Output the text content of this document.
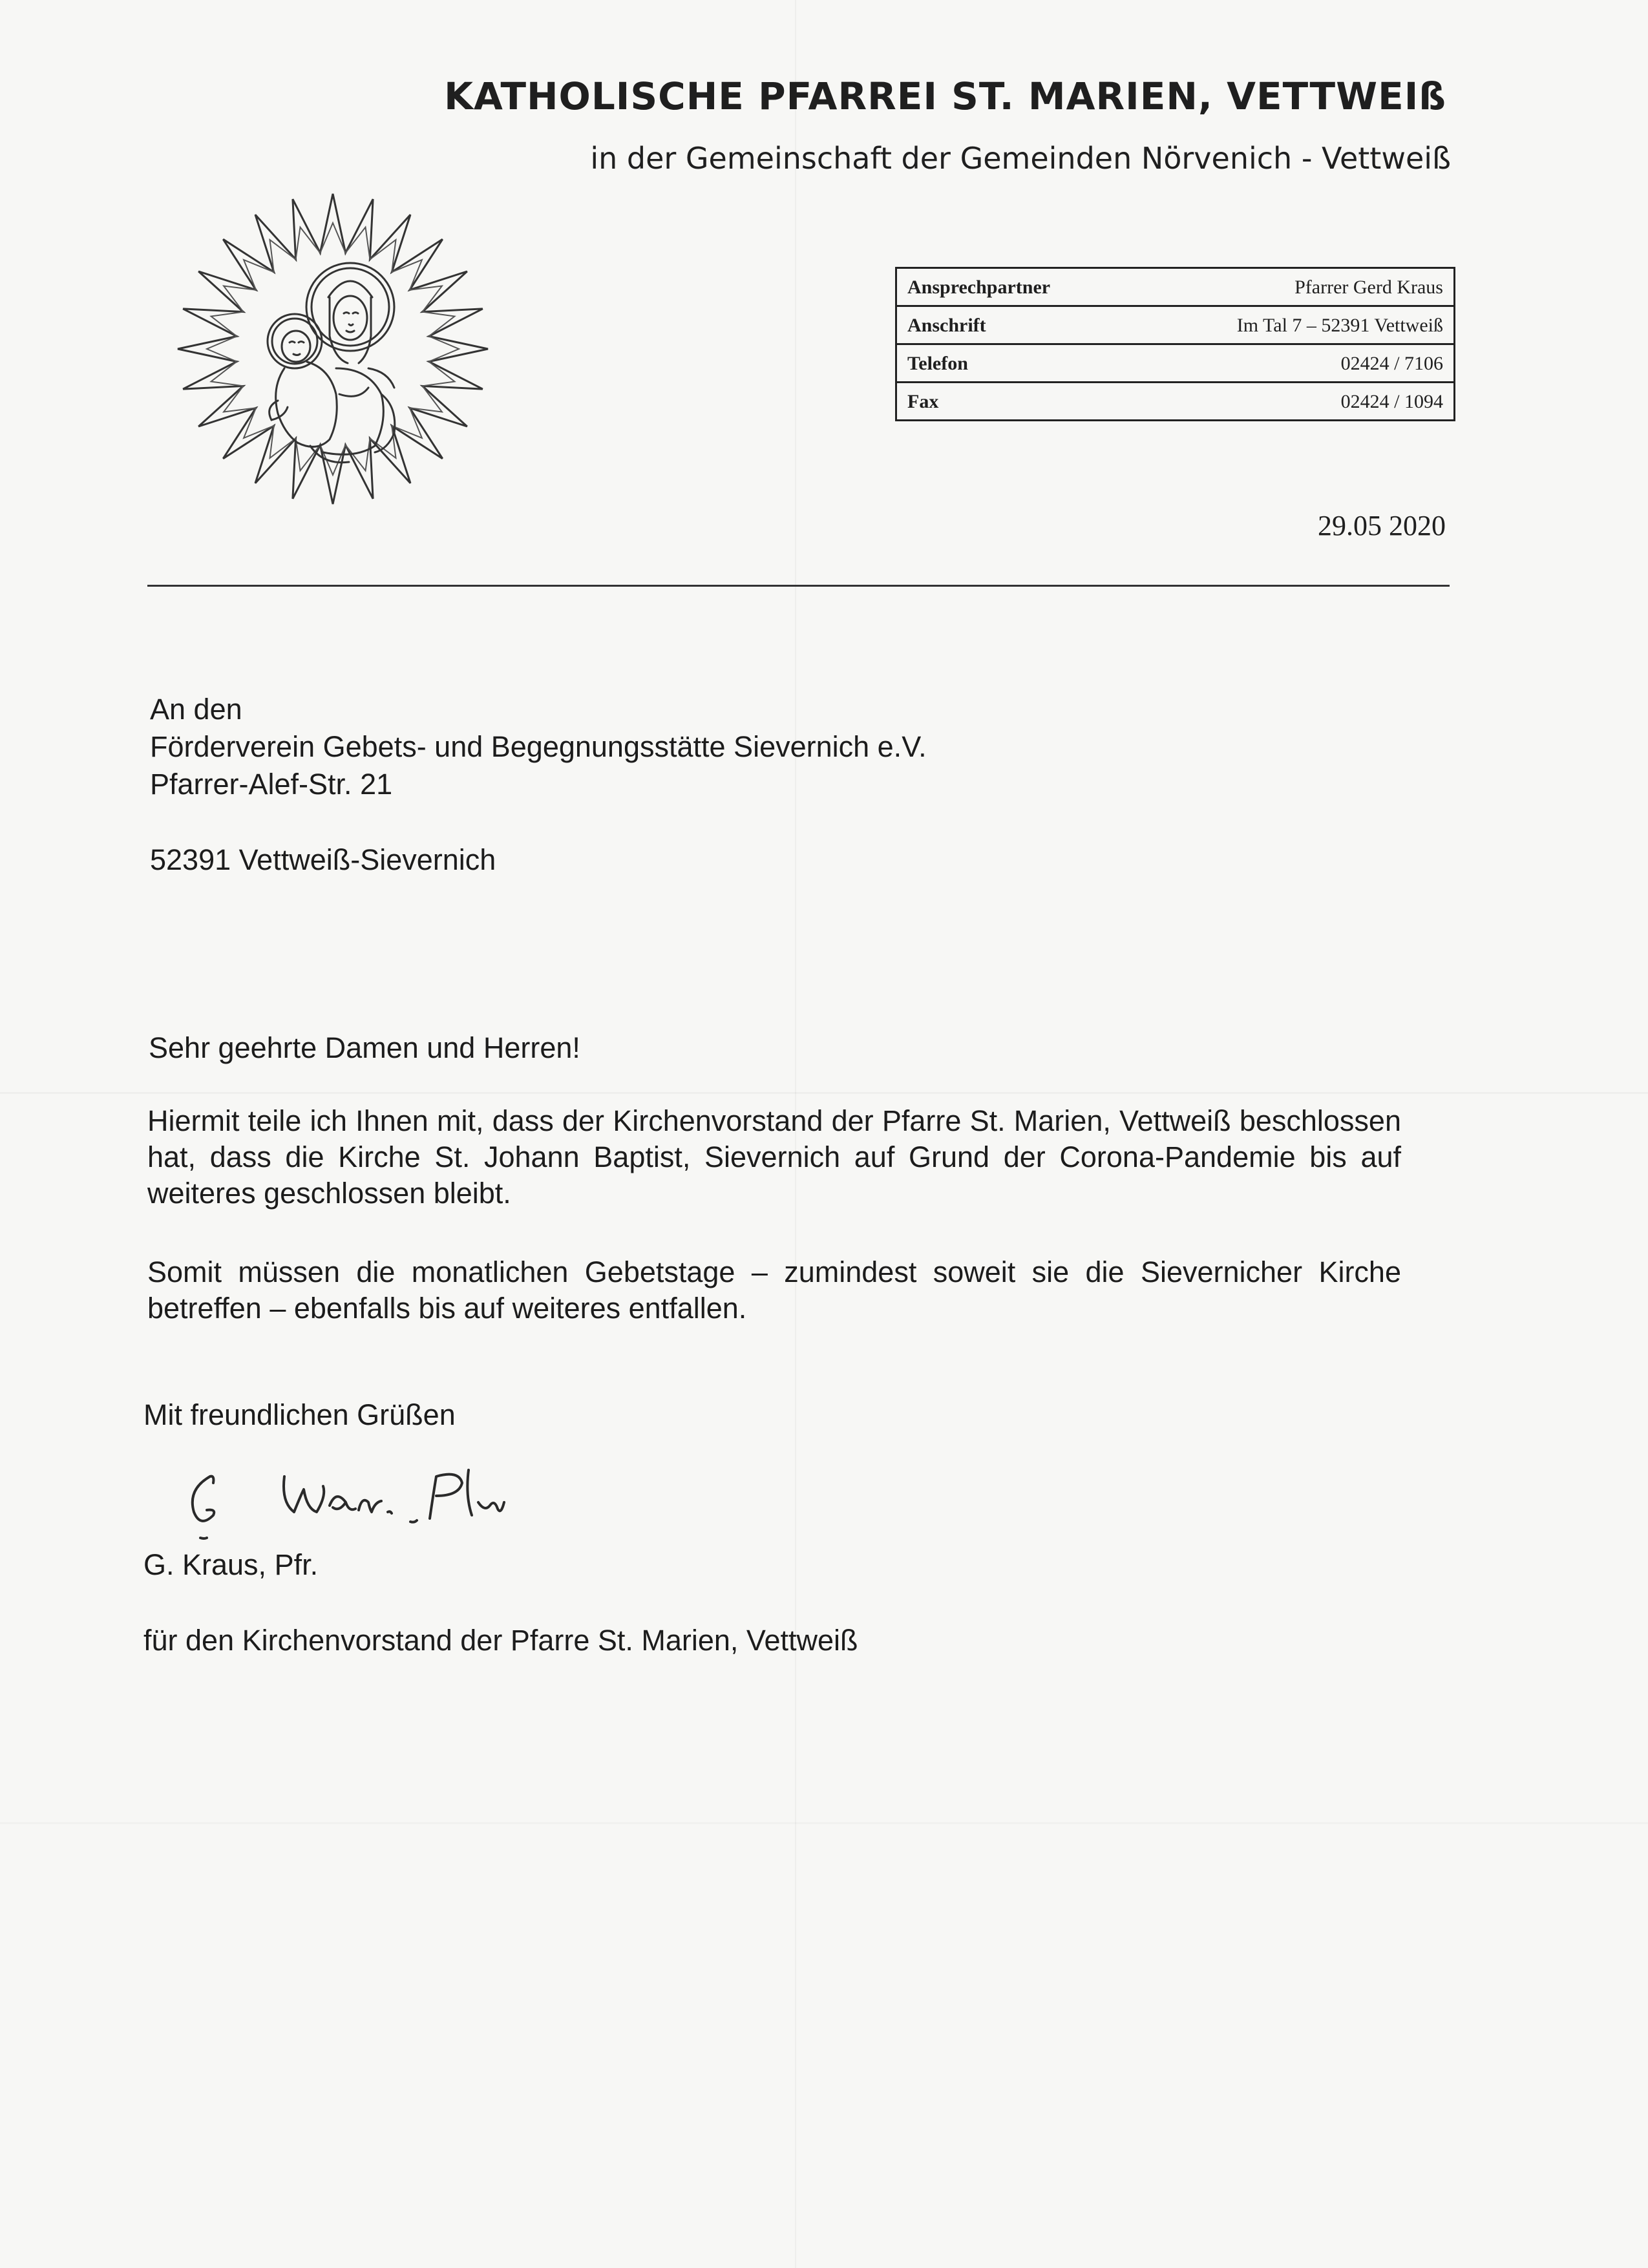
KATHOLISCHE PFARREI ST. MARIEN, VETTWEIß
in der Gemeinschaft der Gemeinden Nörvenich - Vettweiß
Ansprechpartner	Pfarrer Gerd Kraus
Anschrift	Im Tal 7 – 52391 Vettweiß
Telefon	02424 / 7106
Fax	02424 / 1094
29.05 2020
An den
Förderverein Gebets- und Begegnungsstätte Sievernich e.V.
Pfarrer-Alef-Str. 21
52391 Vettweiß-Sievernich
Sehr geehrte Damen und Herren!
Hiermit teile ich Ihnen mit, dass der Kirchenvorstand der Pfarre St. Marien, Vettweiß beschlossen hat, dass die Kirche St. Johann Baptist, Sievernich auf Grund der Corona-Pandemie bis auf weiteres geschlossen bleibt.
Somit müssen die monatlichen Gebetstage – zumindest soweit sie die Sievernicher Kirche betreffen – ebenfalls bis auf weiteres entfallen.
Mit freundlichen Grüßen
G. Kraus, Pfr.
für den Kirchenvorstand der Pfarre St. Marien, Vettweiß
